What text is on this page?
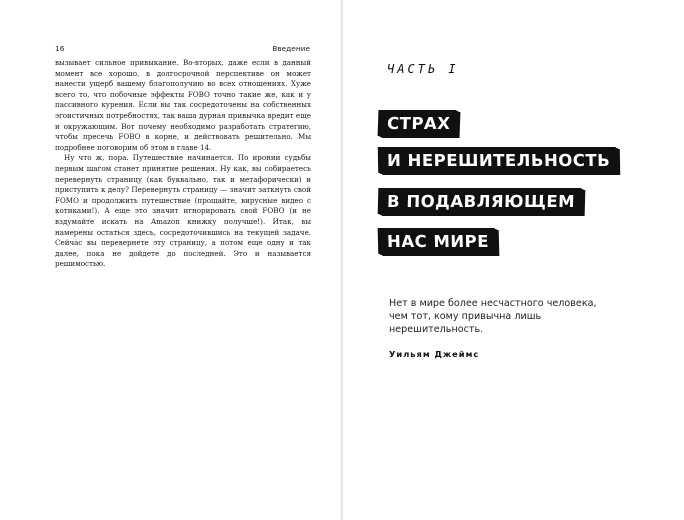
16	Введение

вызывает сильное привыкание. Во-вторых, даже если в данный момент все хорошо, в долгосрочной перспективе он может нанести ущерб вашему благополучию во всех отношениях. Хуже всего то, что побочные эффекты FOBO точно такие же, как и у пассивного курения. Если вы так сосредоточены на собственных эгоистичных потребностях, так ваша дурная привычка вредит еще и окружающим. Вот почему необходимо разработать стратегию, чтобы пресечь FOBO в корне, и действовать решительно. Мы подробнее поговорим об этом в главе 14.

Ну что ж, пора. Путешествие начинается. По иронии судьбы первым шагом станет принятие решения. Ну как, вы собираетесь перевернуть страницу (как буквально, так и метафорически) и приступить к делу? Перевернуть страницу — значит заткнуть свой FOMO и продолжить путешествие (прощайте, вирусные видео с котиками!). А еще это значит игнорировать свой FOBO (и не вздумайте искать на Amazon книжку получше!). Итак, вы намерены остаться здесь, сосредоточившись на текущей задаче. Сейчас вы перевернете эту страницу, а потом еще одну и так далее, пока не дойдете до последней. Это и называется решимостью.

ЧАСТЬ I
СТРАХ
И НЕРЕШИТЕЛЬНОСТЬ
В ПОДАВЛЯЮЩЕМ
НАС МИРЕ
Нет в мире более несчастного человека, чем тот, кому привычна лишь нерешительность.
Уильям Джеймс
